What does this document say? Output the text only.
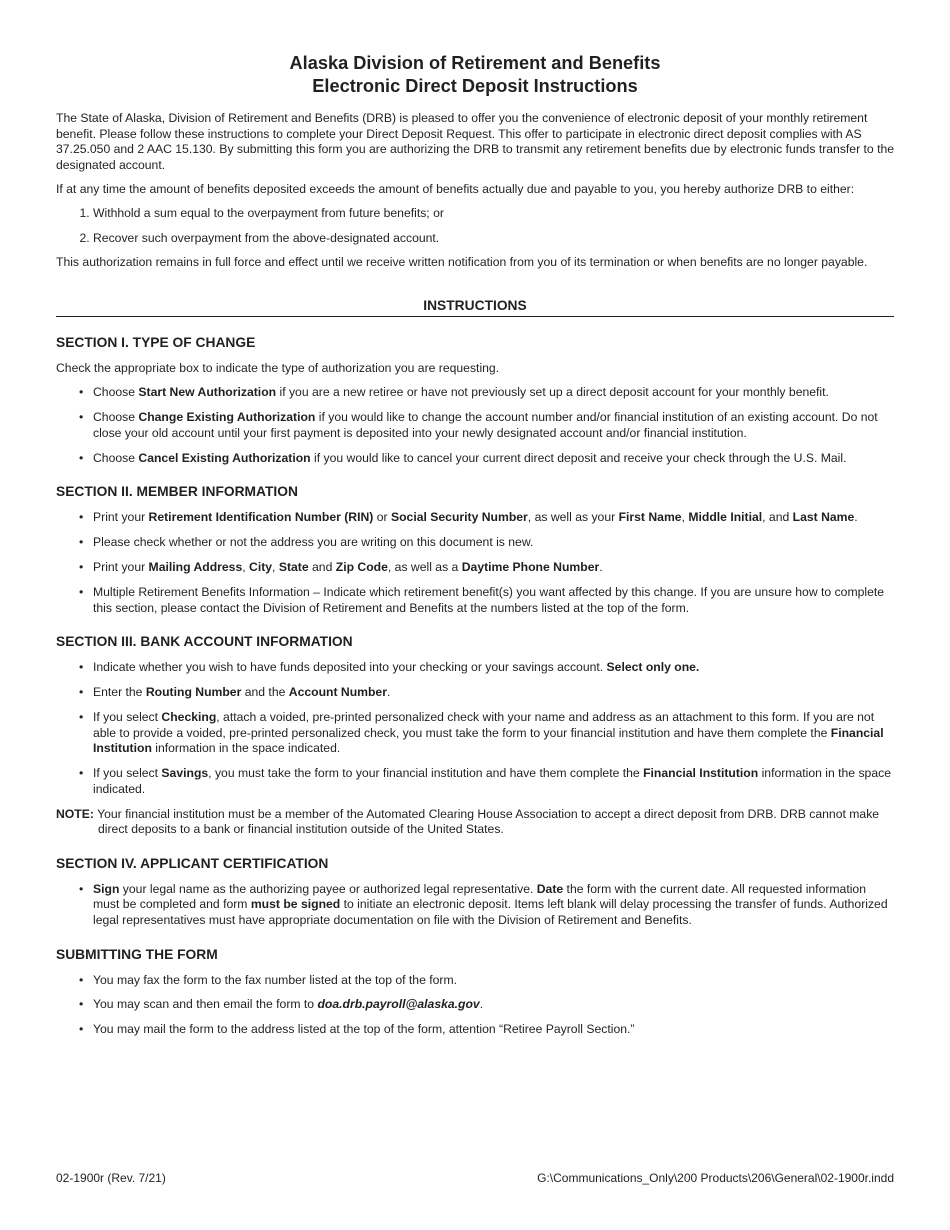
Alaska Division of Retirement and Benefits
Electronic Direct Deposit Instructions

The State of Alaska, Division of Retirement and Benefits (DRB) is pleased to offer you the convenience of electronic deposit of your monthly retirement benefit. Please follow these instructions to complete your Direct Deposit Request. This offer to participate in electronic direct deposit complies with AS 37.25.050 and 2 AAC 15.130. By submitting this form you are authorizing the DRB to transmit any retirement benefits due by electronic funds transfer to the designated account.

If at any time the amount of benefits deposited exceeds the amount of benefits actually due and payable to you, you hereby authorize DRB to either:

1. Withhold a sum equal to the overpayment from future benefits; or
2. Recover such overpayment from the above-designated account.

This authorization remains in full force and effect until we receive written notification from you of its termination or when benefits are no longer payable.

INSTRUCTIONS
SECTION I. TYPE OF CHANGE

Check the appropriate box to indicate the type of authorization you are requesting.

• Choose Start New Authorization if you are a new retiree or have not previously set up a direct deposit account for your monthly benefit.
• Choose Change Existing Authorization if you would like to change the account number and/or financial institution of an existing account. Do not close your old account until your first payment is deposited into your newly designated account and/or financial institution.
• Choose Cancel Existing Authorization if you would like to cancel your current direct deposit and receive your check through the U.S. Mail.
SECTION II. MEMBER INFORMATION
• Print your Retirement Identification Number (RIN) or Social Security Number, as well as your First Name, Middle Initial, and Last Name.
• Please check whether or not the address you are writing on this document is new.
• Print your Mailing Address, City, State and Zip Code, as well as a Daytime Phone Number.
• Multiple Retirement Benefits Information – Indicate which retirement benefit(s) you want affected by this change. If you are unsure how to complete this section, please contact the Division of Retirement and Benefits at the numbers listed at the top of the form.
SECTION III. BANK ACCOUNT INFORMATION
• Indicate whether you wish to have funds deposited into your checking or your savings account. Select only one.
• Enter the Routing Number and the Account Number.
• If you select Checking, attach a voided, pre-printed personalized check with your name and address as an attachment to this form. If you are not able to provide a voided, pre-printed personalized check, you must take the form to your financial institution and have them complete the Financial Institution information in the space indicated.
• If you select Savings, you must take the form to your financial institution and have them complete the Financial Institution information in the space indicated.

NOTE: Your financial institution must be a member of the Automated Clearing House Association to accept a direct deposit from DRB. DRB cannot make direct deposits to a bank or financial institution outside of the United States.

SECTION IV. APPLICANT CERTIFICATION
• Sign your legal name as the authorizing payee or authorized legal representative. Date the form with the current date. All requested information must be completed and form must be signed to initiate an electronic deposit. Items left blank will delay processing the transfer of funds. Authorized legal representatives must have appropriate documentation on file with the Division of Retirement and Benefits.
SUBMITTING THE FORM
• You may fax the form to the fax number listed at the top of the form.
• You may scan and then email the form to doa.drb.payroll@alaska.gov.
• You may mail the form to the address listed at the top of the form, attention “Retiree Payroll Section.”
02-1900r (Rev. 7/21)	G:\Communications_Only\200 Products\206\General\02-1900r.indd
